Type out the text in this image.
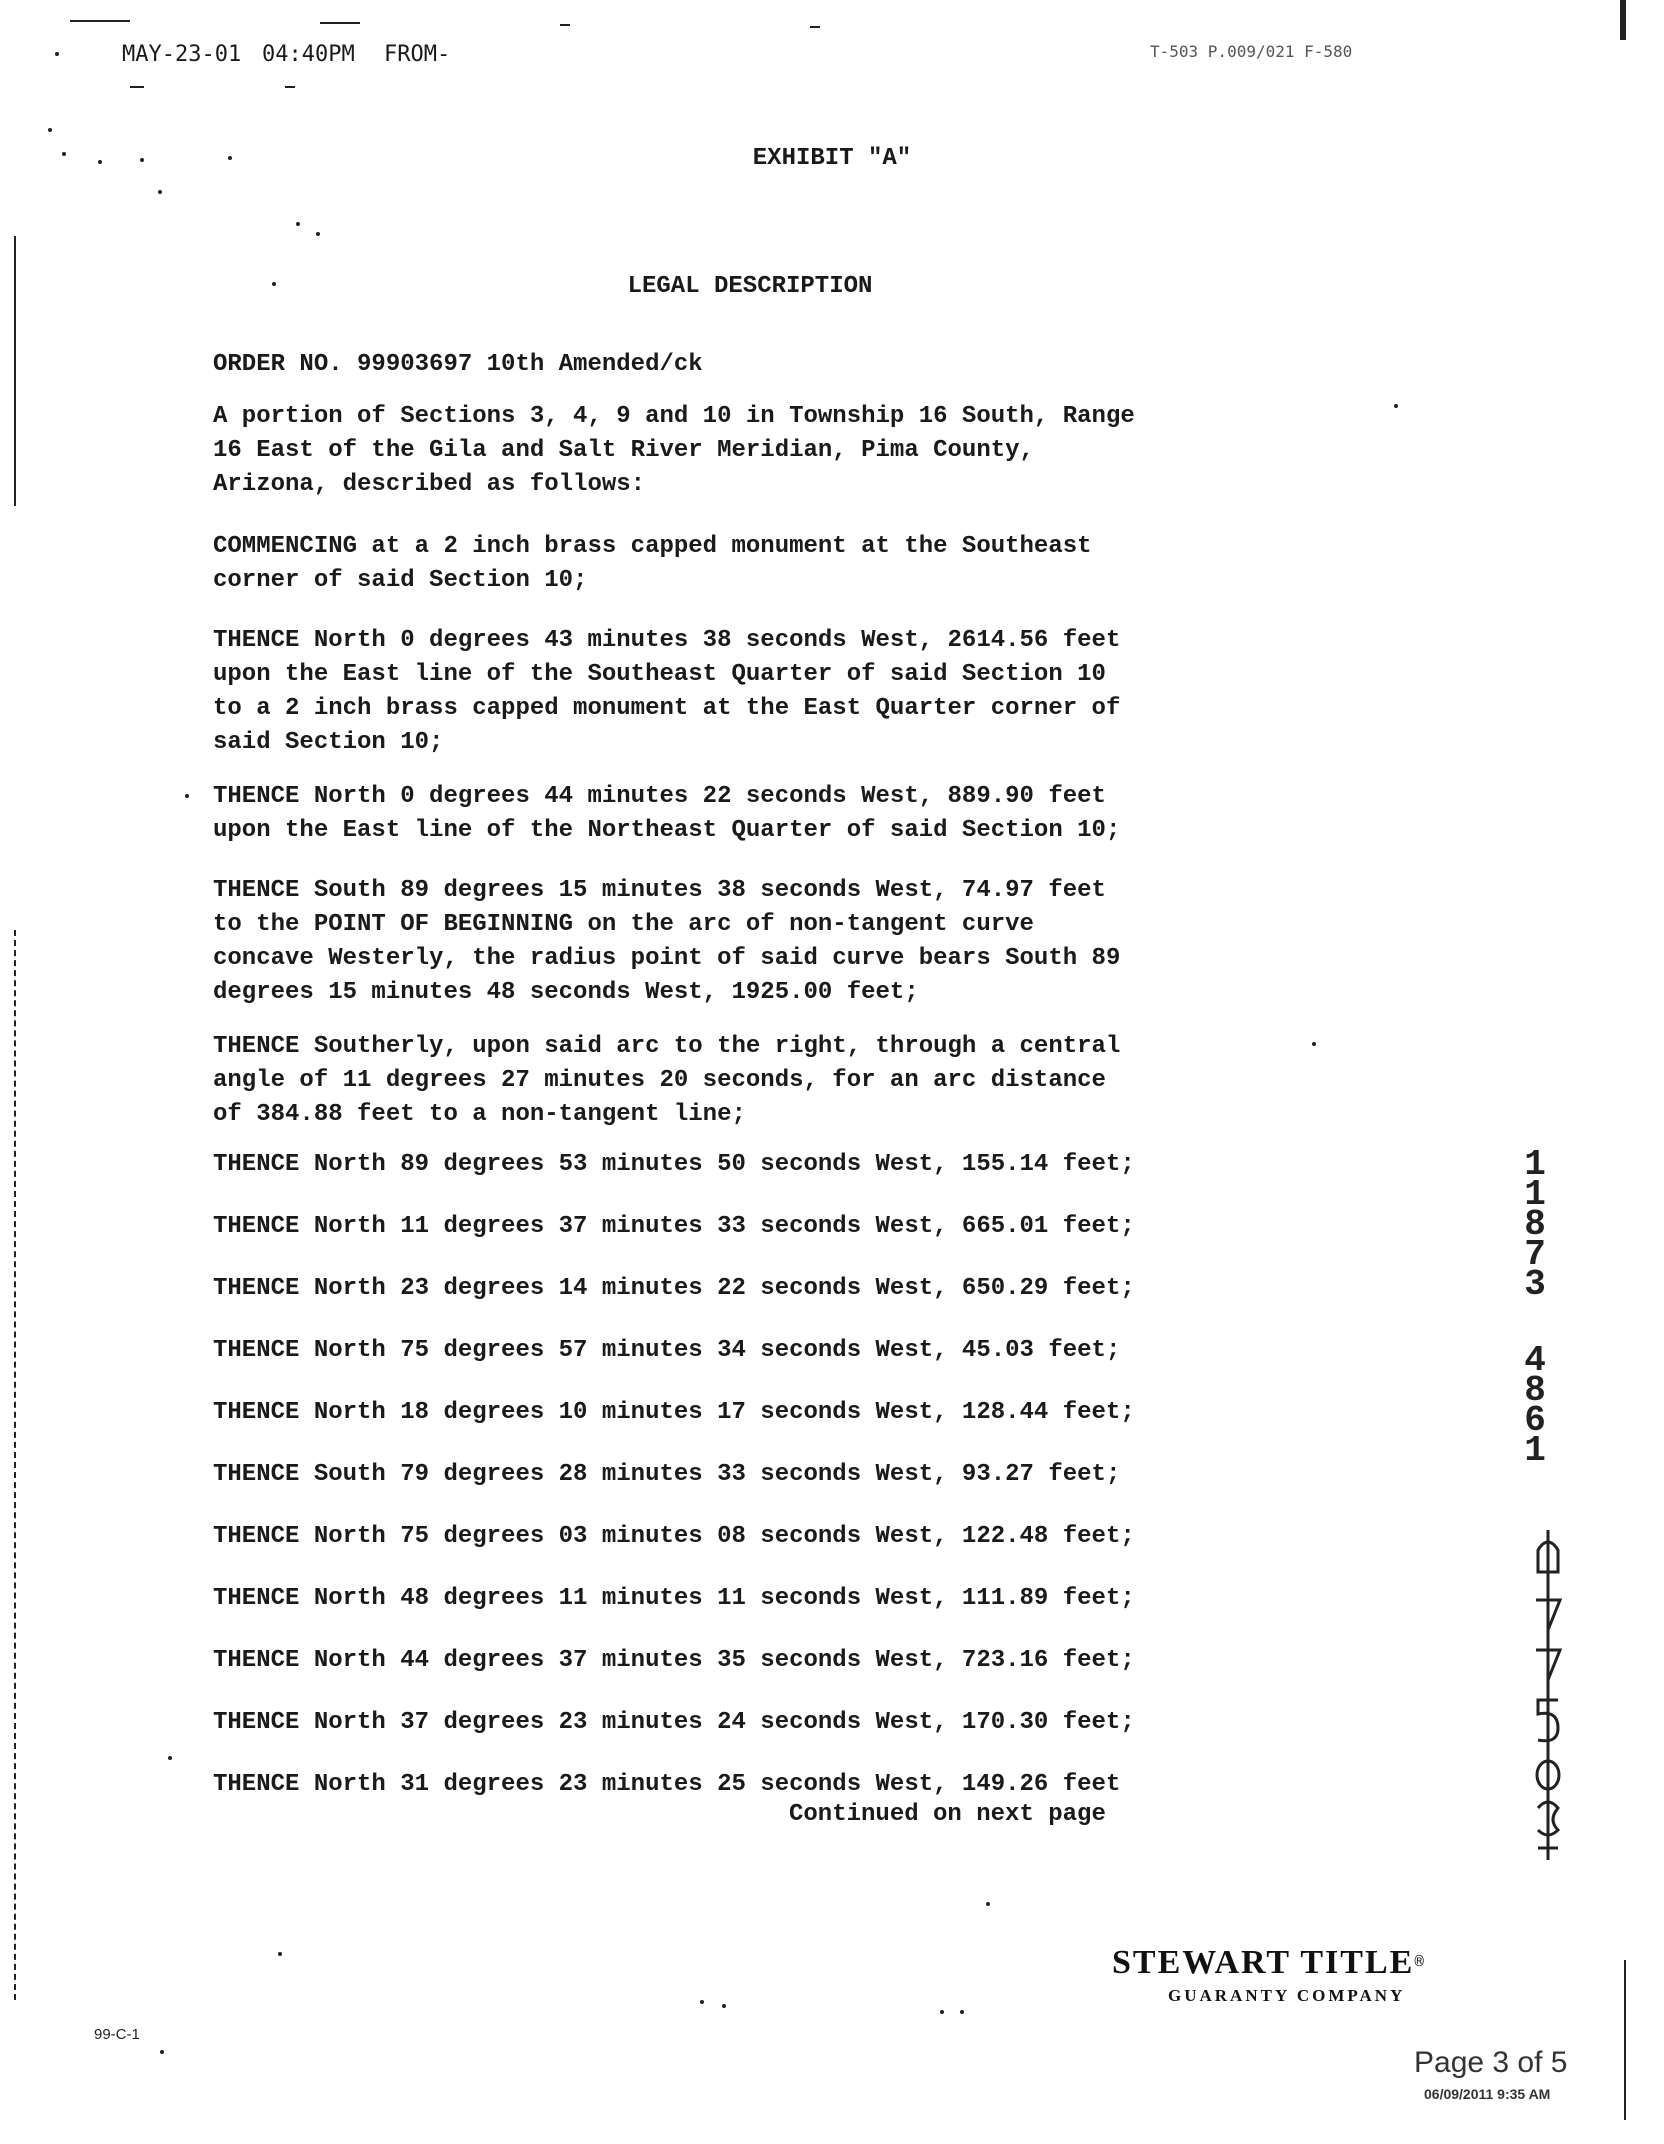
MAY-23-01 04:40PM FROM-	T-503 P.009/021 F-580
EXHIBIT "A"
LEGAL DESCRIPTION
ORDER NO. 99903697 10th Amended/ck
A portion of Sections 3, 4, 9 and 10 in Township 16 South, Range
16 East of the Gila and Salt River Meridian, Pima County,
Arizona, described as follows:
COMMENCING at a 2 inch brass capped monument at the Southeast
corner of said Section 10;
THENCE North 0 degrees 43 minutes 38 seconds West, 2614.56 feet
upon the East line of the Southeast Quarter of said Section 10
to a 2 inch brass capped monument at the East Quarter corner of
said Section 10;
THENCE North 0 degrees 44 minutes 22 seconds West, 889.90 feet
upon the East line of the Northeast Quarter of said Section 10;
THENCE South 89 degrees 15 minutes 38 seconds West, 74.97 feet
to the POINT OF BEGINNING on the arc of non-tangent curve
concave Westerly, the radius point of said curve bears South 89
degrees 15 minutes 48 seconds West, 1925.00 feet;
THENCE Southerly, upon said arc to the right, through a central
angle of 11 degrees 27 minutes 20 seconds, for an arc distance
of 384.88 feet to a non-tangent line;
THENCE North 89 degrees 53 minutes 50 seconds West, 155.14 feet;
THENCE North 11 degrees 37 minutes 33 seconds West, 665.01 feet;
THENCE North 23 degrees 14 minutes 22 seconds West, 650.29 feet;
THENCE North 75 degrees 57 minutes 34 seconds West, 45.03 feet;
THENCE North 18 degrees 10 minutes 17 seconds West, 128.44 feet;
THENCE South 79 degrees 28 minutes 33 seconds West, 93.27 feet;
THENCE North 75 degrees 03 minutes 08 seconds West, 122.48 feet;
THENCE North 48 degrees 11 minutes 11 seconds West, 111.89 feet;
THENCE North 44 degrees 37 minutes 35 seconds West, 723.16 feet;
THENCE North 37 degrees 23 minutes 24 seconds West, 170.30 feet;
THENCE North 31 degrees 23 minutes 25 seconds West, 149.26 feet
Continued on next page
1
1
8
7
3
4
8
6
1
99-C-1
STEWART TITLE®
GUARANTY COMPANY
Page 3 of 5
06/09/2011 9:35 AM
